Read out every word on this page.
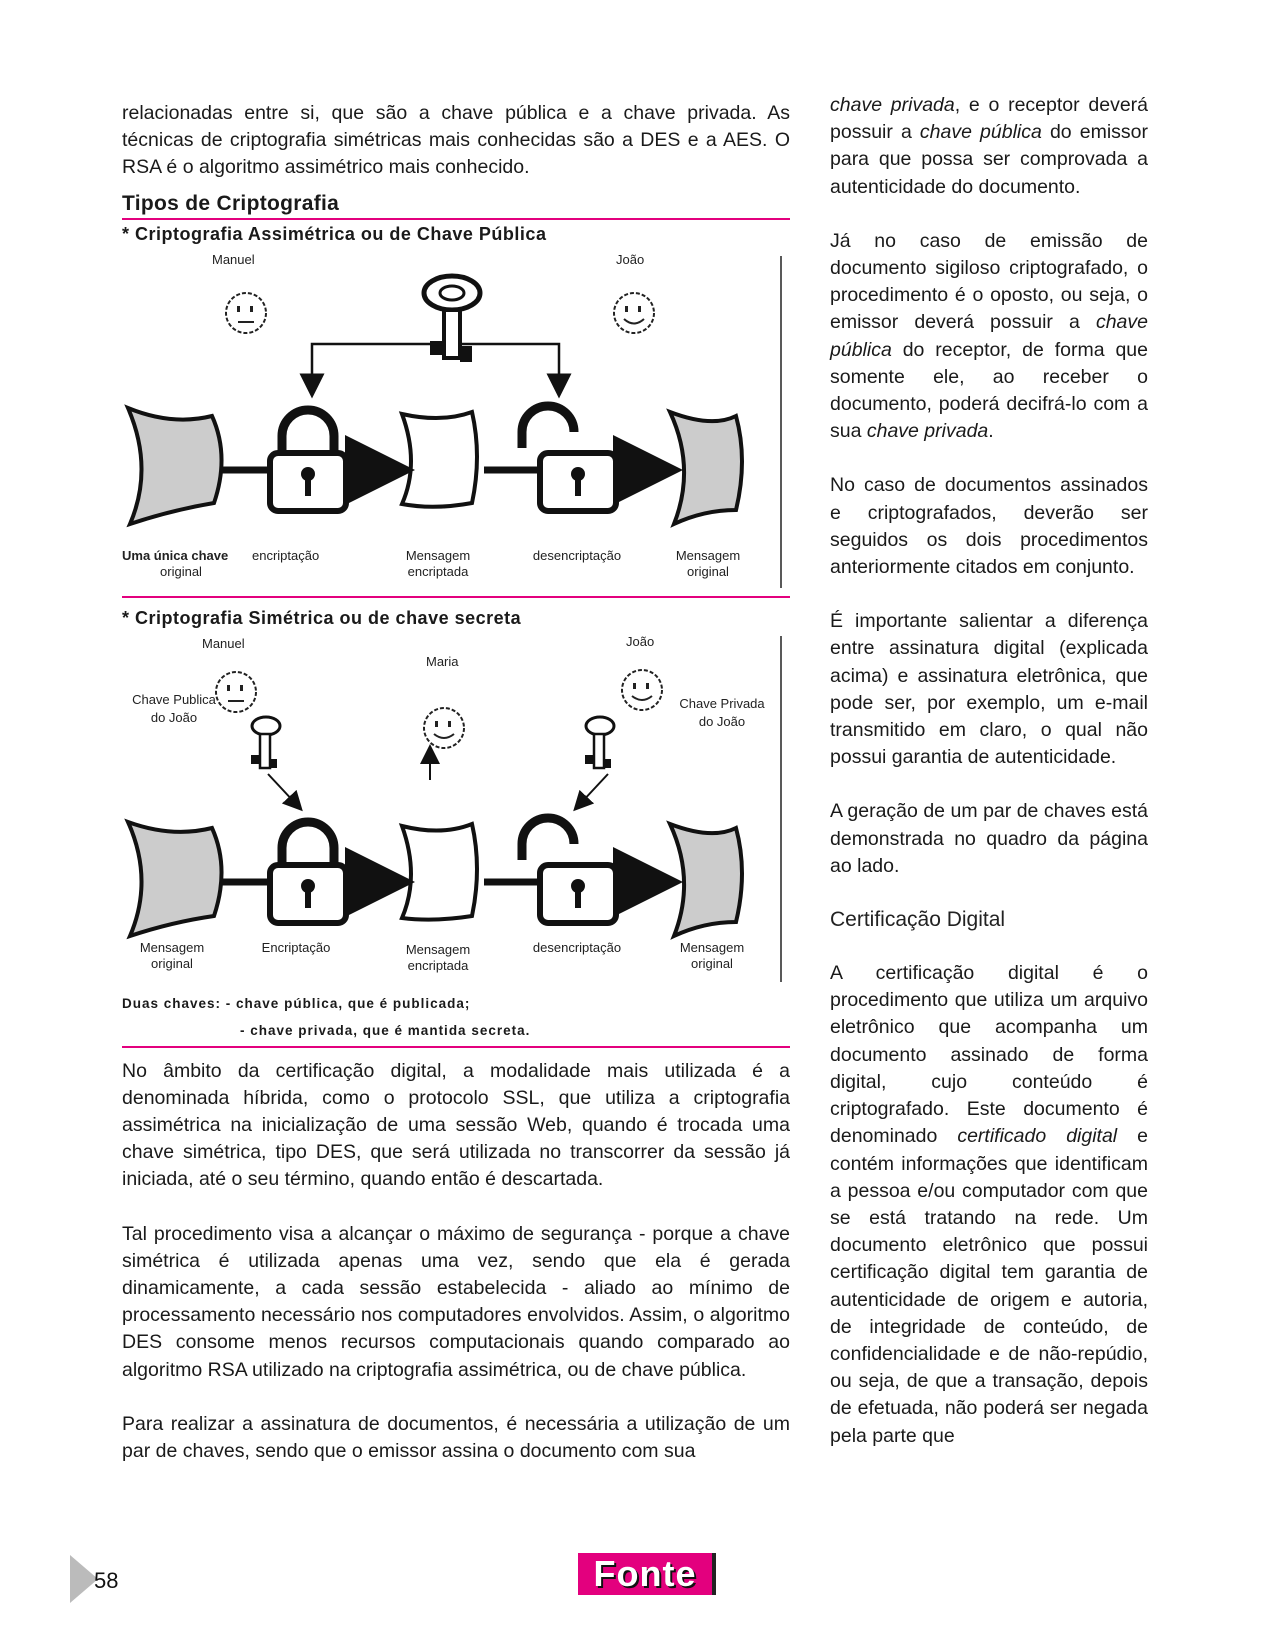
relacionadas entre si, que são a chave pública e a chave privada. As técnicas de criptografia simétricas mais conhecidas são a DES e a AES. O RSA é o algoritmo assimétrico mais conhecido.

Tipos de Criptografia
* Criptografia Assimétrica ou de Chave Pública
Manuel	João
Uma única chave encriptação
original
Mensagem
encriptada
desencriptação	Mensagem
original
* Criptografia Simétrica ou de chave secreta
Manuel
Maria
João
Chave Publica
do João
Chave Privada
do João
Mensagem
original
Encriptação	Mensagem
encriptada
desencriptação	Mensagem
original
Duas chaves: - chave pública, que é publicada;
- chave privada, que é mantida secreta.

No âmbito da certificação digital, a modalidade mais utilizada é a denominada híbrida, como o protocolo SSL, que utiliza a criptografia assimétrica na inicialização de uma sessão Web, quando é trocada uma chave simétrica, tipo DES, que será utilizada no transcorrer da sessão já iniciada, até o seu término, quando então é descartada.

Tal procedimento visa a alcançar o máximo de segurança - porque a chave simétrica é utilizada apenas uma vez, sendo que ela é gerada dinamicamente, a cada sessão estabelecida - aliado ao mínimo de processamento necessário nos computadores envolvidos. Assim, o algoritmo DES consome menos recursos computacionais quando comparado ao algoritmo RSA utilizado na criptografia assimétrica, ou de chave pública.

Para realizar a assinatura de documentos, é necessária a utilização de um par de chaves, sendo que o emissor assina o documento com sua

chave privada, e o receptor deverá possuir a chave pública do emissor para que possa ser comprovada a autenticidade do documento.

Já no caso de emissão de documento sigiloso criptografado, o procedimento é o oposto, ou seja, o emissor deverá possuir a chave pública do receptor, de forma que somente ele, ao receber o documento, poderá decifrá-lo com a sua chave privada.

No caso de documentos assinados e criptografados, deverão ser seguidos os dois procedimentos anteriormente citados em conjunto.

É importante salientar a diferença entre assinatura digital (explicada acima) e assinatura eletrônica, que pode ser, por exemplo, um e-mail transmitido em claro, o qual não possui garantia de autenticidade.

A geração de um par de chaves está demonstrada no quadro da página ao lado.

Certificação Digital

A certificação digital é o procedimento que utiliza um arquivo eletrônico que acompanha um documento assinado de forma digital, cujo conteúdo é criptografado. Este documento é denominado certificado digital e contém informações que identificam a pessoa e/ou computador com que se está tratando na rede. Um documento eletrônico que possui certificação digital tem garantia de autenticidade de origem e autoria, de integridade de conteúdo, de confidencialidade e de não-repúdio, ou seja, de que a transação, depois de efetuada, não poderá ser negada pela parte que

58	Fonte
